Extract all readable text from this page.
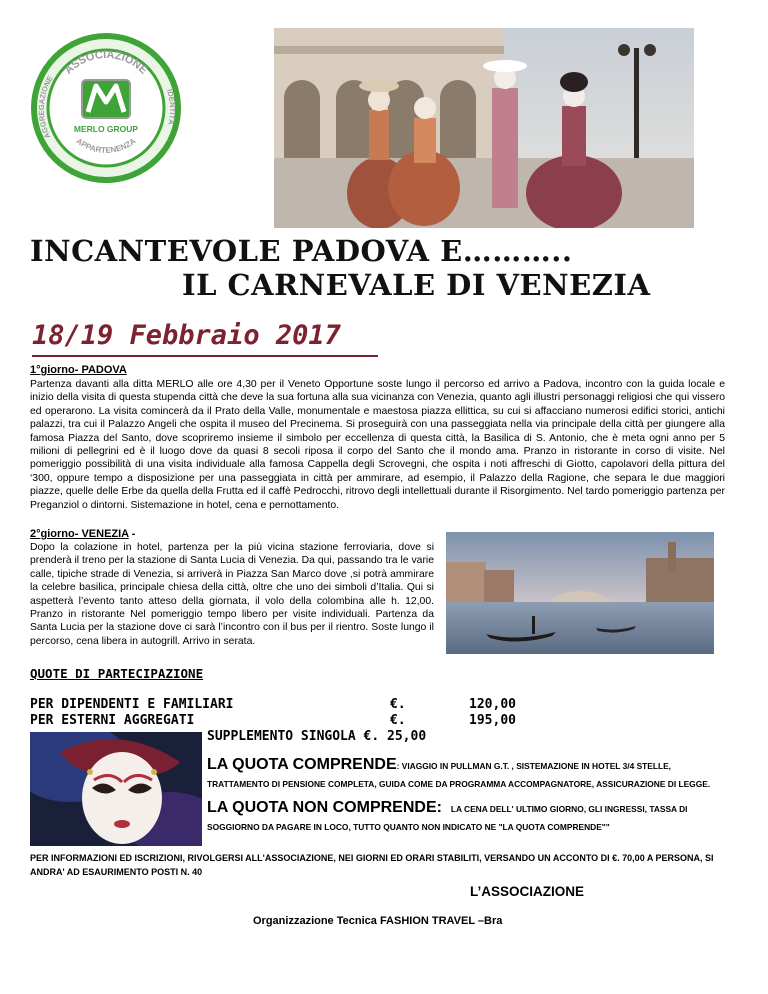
ASSOCIAZIONE
AGGREGAZIONE
IDENTITÀ
APPARTENENZA
MERLO GROUP
INCANTEVOLE PADOVA E………..
IL CARNEVALE DI VENEZIA
18/19 Febbraio 2017
1°giorno- PADOVA
Partenza davanti alla ditta MERLO alle ore 4,30 per il Veneto Opportune soste lungo il percorso ed arrivo a Padova, incontro con la guida locale e inizio della visita di questa stupenda città che deve la sua fortuna alla sua vicinanza con Venezia, quanto agli illustri personaggi religiosi che qui vissero ed operarono. La visita comincerà da il Prato della Valle, monumentale e maestosa piazza ellittica, su cui si affacciano numerosi edifici storici, antichi palazzi, tra cui il Palazzo Angeli che ospita il museo del Precinema. Si proseguirà con una passeggiata nella via principale della città per giungere alla famosa Piazza del Santo, dove scopriremo insieme il simbolo per eccellenza di questa città, la Basilica di S. Antonio, che è meta ogni anno per 5 milioni di pellegrini ed è il luogo dove da quasi 8 secoli riposa il corpo del Santo che il mondo ama. Pranzo in ristorante in corso di visite. Nel pomeriggio possibilità di una visita individuale alla famosa Cappella degli Scrovegni, che ospita i noti affreschi di Giotto, capolavori della pittura del ‘300, oppure tempo a disposizione per una passeggiata in città per ammirare, ad esempio, il Palazzo della Ragione, che separa le due maggiori piazze, quelle delle Erbe da quella della Frutta ed il caffè Pedrocchi, ritrovo degli intellettuali durante il Risorgimento. Nel tardo pomeriggio partenza per Preganziol o dintorni. Sistemazione in hotel, cena e pernottamento.
2°giorno- VENEZIA -
Dopo la colazione in hotel, partenza per la più vicina stazione ferroviaria, dove si prenderà il treno per la stazione di Santa Lucia di Venezia. Da qui, passando tra le varie calle, tipiche strade di Venezia, si arriverà in Piazza San Marco dove ,si potrà ammirare la celebre basilica, principale chiesa della città, oltre che uno dei simboli d’Italia. Qui si aspetterà l’evento tanto atteso della giornata, il volo della colombina alle h. 12,00. Pranzo in ristorante Nel pomeriggio tempo libero per visite individuali. Partenza da Santa Lucia per la stazione dove ci sarà l’incontro con il bus per il rientro. Soste lungo il percorso, cena libera in autogrill. Arrivo in serata.
QUOTE DI PARTECIPAZIONE
PER DIPENDENTI E FAMILIARI	€.	120,00
PER ESTERNI AGGREGATI	€.	195,00
SUPPLEMENTO SINGOLA €. 25,00
LA QUOTA COMPRENDE: VIAGGIO IN PULLMAN G.T. , SISTEMAZIONE IN HOTEL 3/4 STELLE, TRATTAMENTO DI PENSIONE COMPLETA, GUIDA COME DA PROGRAMMA ACCOMPAGNATORE, ASSICURAZIONE DI LEGGE.
LA QUOTA NON COMPRENDE: LA CENA DELL' ULTIMO GIORNO, GLI INGRESSI, TASSA DI SOGGIORNO DA PAGARE IN LOCO, TUTTO QUANTO NON INDICATO NE "LA QUOTA COMPRENDE""
PER INFORMAZIONI ED ISCRIZIONI, RIVOLGERSI ALL'ASSOCIAZIONE, NEI GIORNI ED ORARI STABILITI, VERSANDO UN ACCONTO DI €. 70,00 A PERSONA, SI ANDRA' AD ESAURIMENTO POSTI N. 40
L’ASSOCIAZIONE
Organizzazione Tecnica FASHION TRAVEL –Bra
